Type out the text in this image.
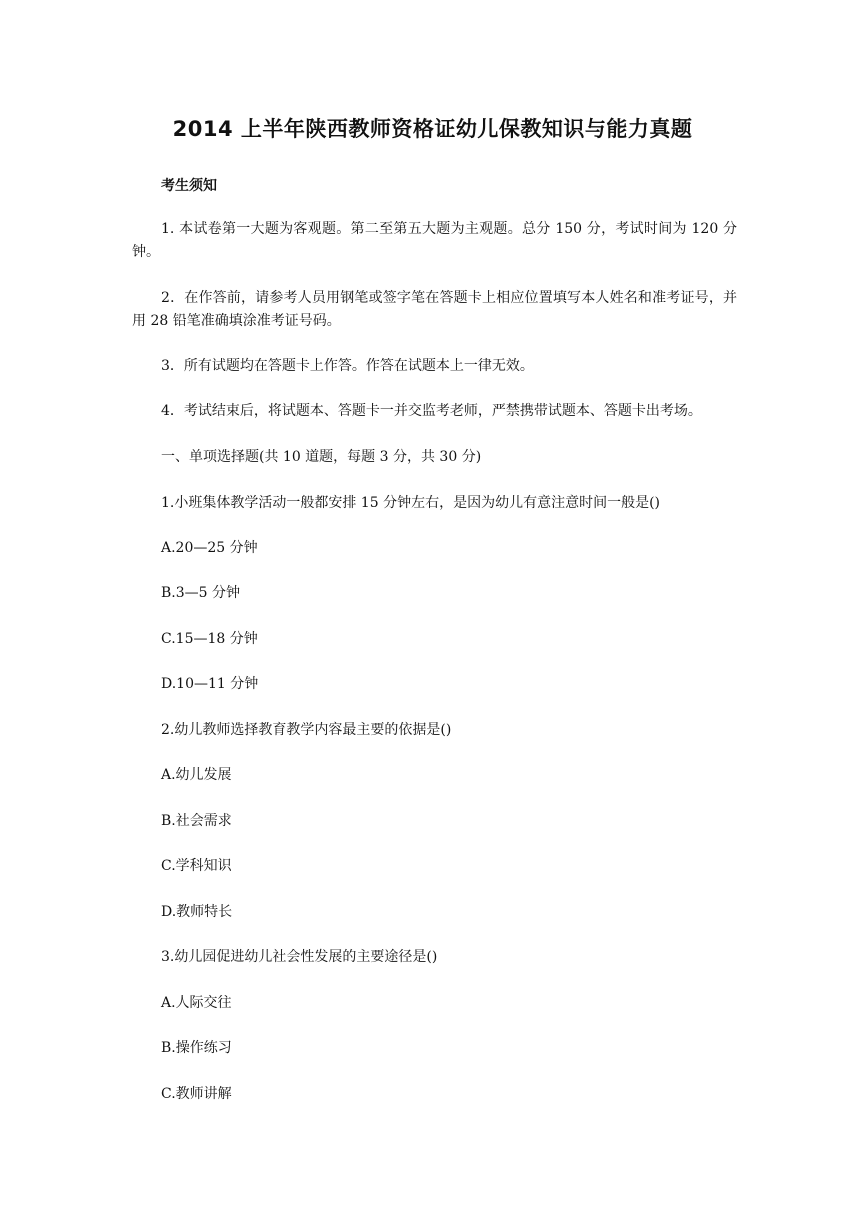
2014 上半年陕西教师资格证幼儿保教知识与能力真题

考生须知

1. 本试卷第一大题为客观题。第二至第五大题为主观题。总分 150 分，考试时间为 120 分钟。

2．在作答前，请参考人员用钢笔或签字笔在答题卡上相应位置填写本人姓名和准考证号，并用 28 铅笔准确填涂准考证号码。

3．所有试题均在答题卡上作答。作答在试题本上一律无效。

4．考试结束后，将试题本、答题卡一并交监考老师，严禁携带试题本、答题卡出考场。

一、单项选择题(共 10 道题，每题 3 分，共 30 分)

1.小班集体教学活动一般都安排 15 分钟左右，是因为幼儿有意注意时间一般是()

A.20—25 分钟

B.3—5 分钟

C.15—18 分钟

D.10—11 分钟

2.幼儿教师选择教育教学内容最主要的依据是()

A.幼儿发展

B.社会需求

C.学科知识

D.教师特长

3.幼儿园促进幼儿社会性发展的主要途径是()

A.人际交往

B.操作练习

C.教师讲解
